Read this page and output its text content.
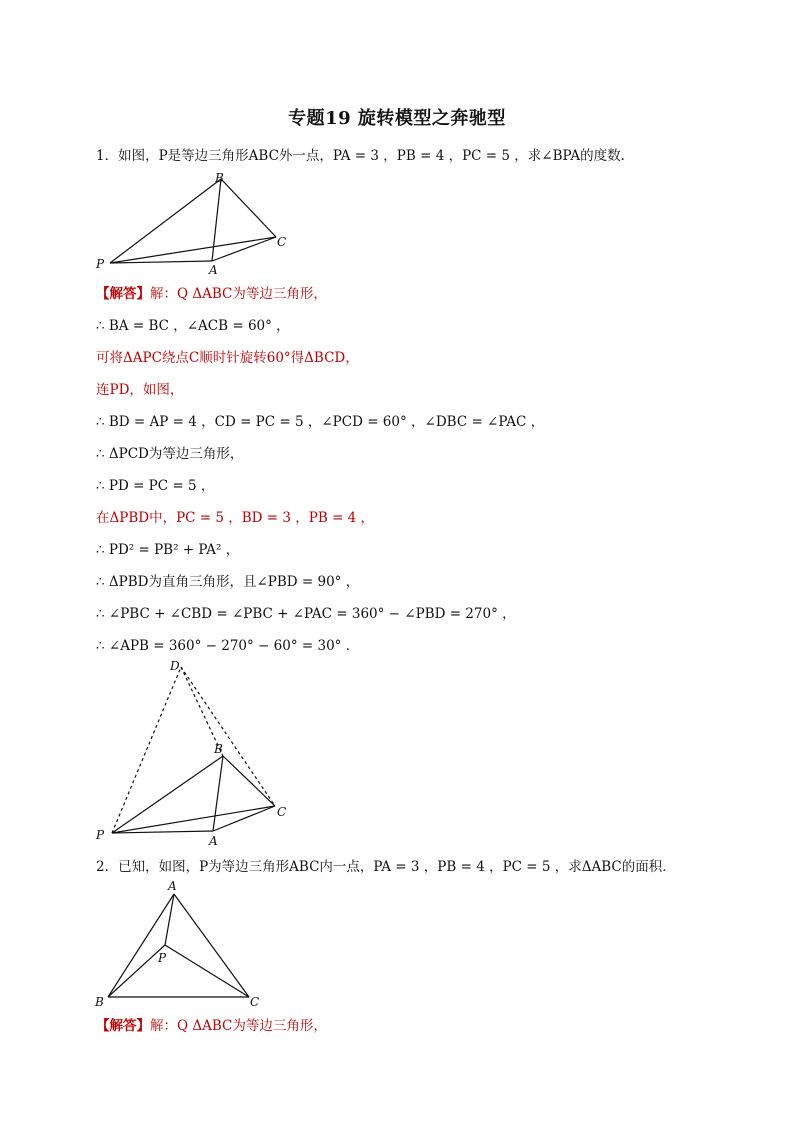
专题19 旋转模型之奔驰型
1．如图，P是等边三角形ABC外一点，PA = 3 ，PB = 4 ，PC = 5 ，求∠BPA的度数．
B
C
P	A
【解答】解：Q ΔABC为等边三角形，
∴ BA = BC ，∠ACB = 60° ，
可将ΔAPC绕点C顺时针旋转60°得ΔBCD，
连PD，如图，
∴ BD = AP = 4 ，CD = PC = 5 ，∠PCD = 60° ，∠DBC = ∠PAC ，
∴ ΔPCD为等边三角形，
∴ PD = PC = 5 ，
在ΔPBD中，PC = 5 ，BD = 3 ，PB = 4 ，
∴ PD² = PB² + PA² ，
∴ ΔPBD为直角三角形，且∠PBD = 90° ，
∴ ∠PBC + ∠CBD = ∠PBC + ∠PAC = 360° − ∠PBD = 270° ，
∴ ∠APB = 360° − 270° − 60° = 30° ．
D
B
C
P	A
2．已知，如图，P为等边三角形ABC内一点，PA = 3 ，PB = 4 ，PC = 5 ，求ΔABC的面积．
A
P
B	C
【解答】解：Q ΔABC为等边三角形，
